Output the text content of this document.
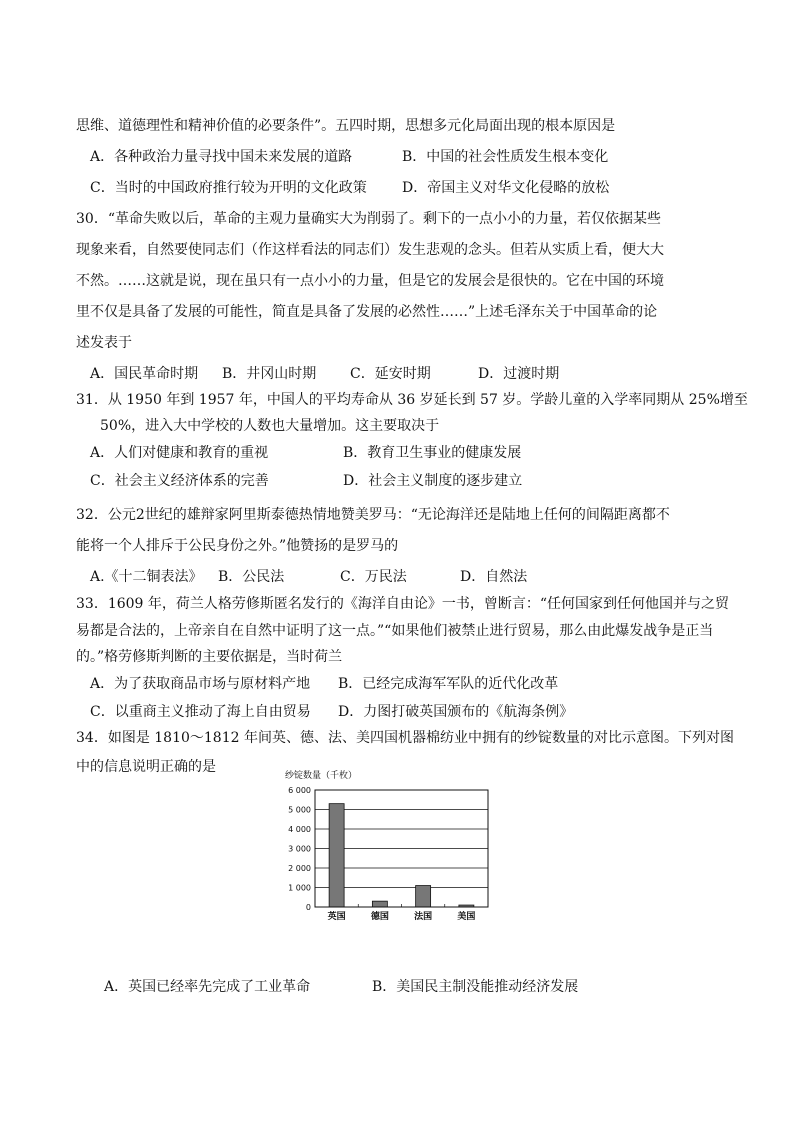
思维、道德理性和精神价值的必要条件”。五四时期，思想多元化局面出现的根本原因是
A．各种政治力量寻找中国未来发展的道路	B．中国的社会性质发生根本变化
C．当时的中国政府推行较为开明的文化政策	D．帝国主义对华文化侵略的放松
30．“革命失败以后，革命的主观力量确实大为削弱了。剩下的一点小小的力量，若仅依据某些
现象来看，自然要使同志们（作这样看法的同志们）发生悲观的念头。但若从实质上看，便大大
不然。……这就是说，现在虽只有一点小小的力量，但是它的发展会是很快的。它在中国的环境
里不仅是具备了发展的可能性，简直是具备了发展的必然性……”上述毛泽东关于中国革命的论
述发表于
A．国民革命时期 B．井冈山时期 C．延安时期	D．过渡时期
31．从 1950 年到 1957 年，中国人的平均寿命从 36 岁延长到 57 岁。学龄儿童的入学率同期从 25%增至
50%，进入大中学校的人数也大量增加。这主要取决于
A．人们对健康和教育的重视	B．教育卫生事业的健康发展
C．社会主义经济体系的完善	D．社会主义制度的逐步建立
32．公元2世纪的雄辩家阿里斯泰德热情地赞美罗马：“无论海洋还是陆地上任何的间隔距离都不
能将一个人排斥于公民身份之外。”他赞扬的是罗马的
A.《十二铜表法》 B．公民法	C．万民法	D．自然法
33．1609 年，荷兰人格劳修斯匿名发行的《海洋自由论》一书，曾断言：“任何国家到任何他国并与之贸
易都是合法的，上帝亲自在自然中证明了这一点。”“如果他们被禁止进行贸易，那么由此爆发战争是正当
的。”格劳修斯判断的主要依据是，当时荷兰
A．为了获取商品市场与原材料产地 B．已经完成海军军队的近代化改革
C．以重商主义推动了海上自由贸易 D．力图打破英国颁布的《航海条例》
34．如图是 1810～1812 年间英、德、法、美四国机器棉纺业中拥有的纱锭数量的对比示意图。下列对图
中的信息说明正确的是
纱锭数量（千枚）
0
1 000
2 000
3 000
4 000
5 000
6 000
英国	德国	法国	美国
A．英国已经率先完成了工业革命	B．美国民主制没能推动经济发展
